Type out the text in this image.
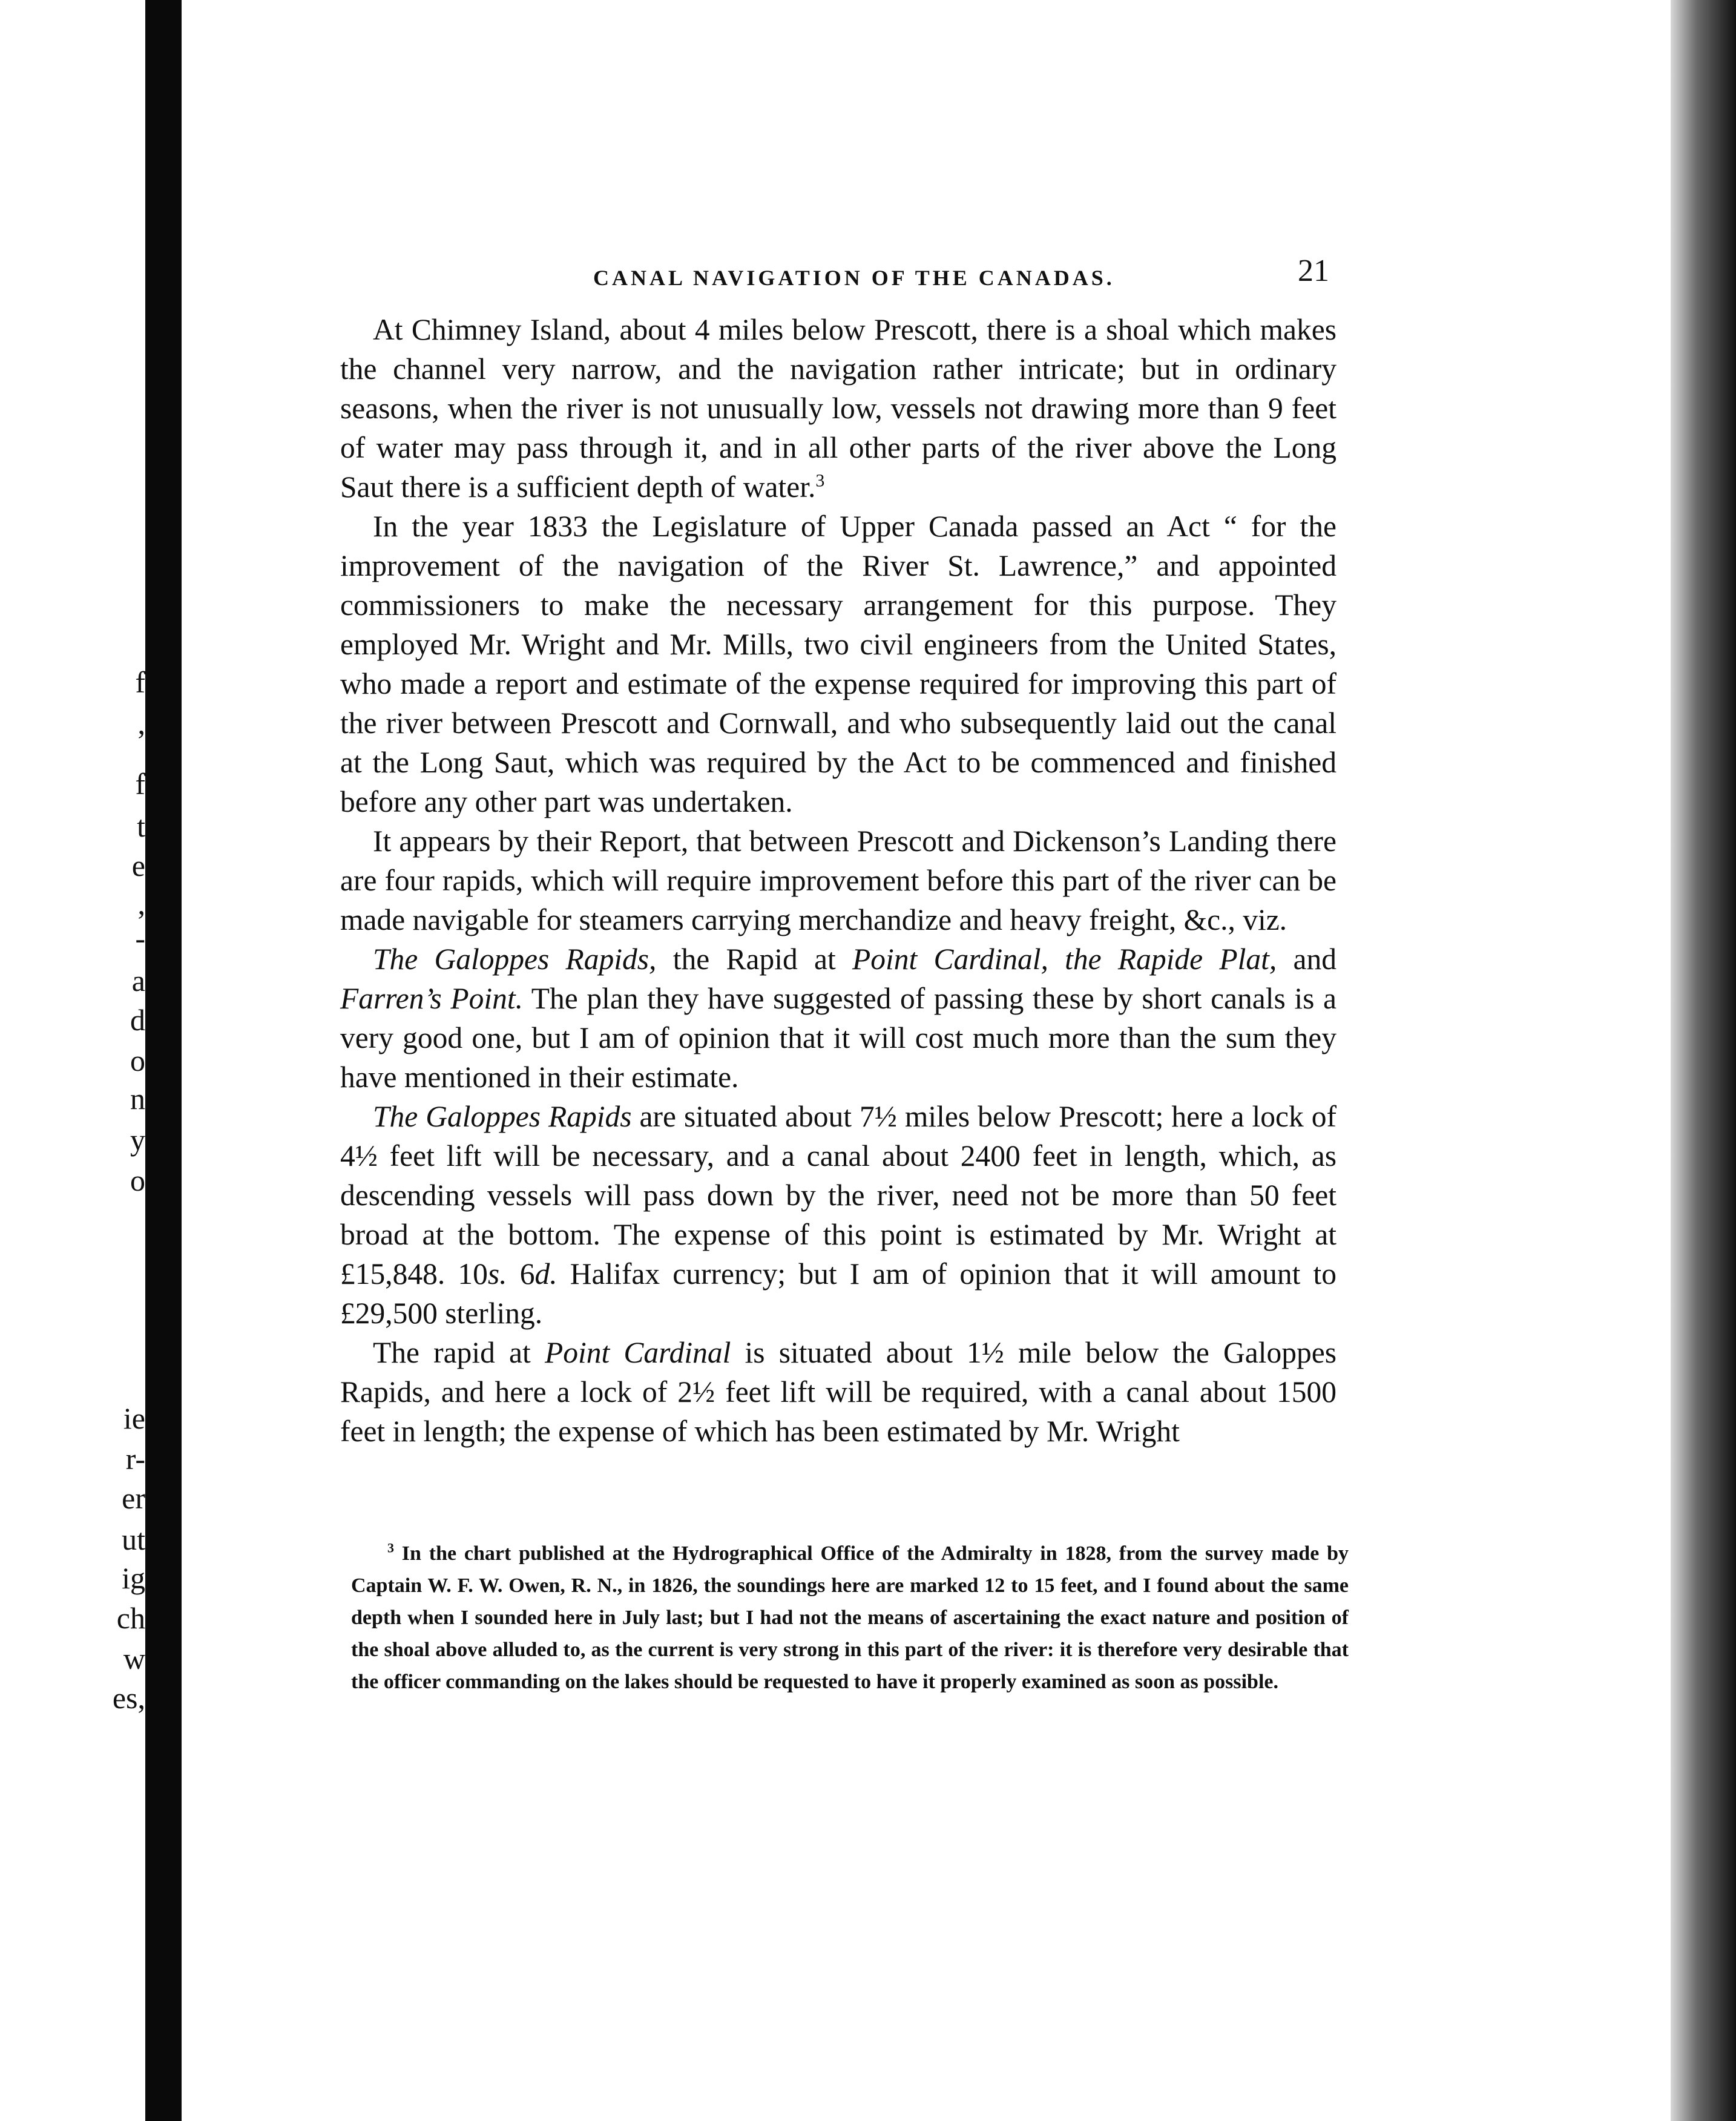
f
,
f
t
e
,
-
a
d
o
n
y
o
ie
r-
er
ut
ig
ch
w
es,
CANAL NAVIGATION OF THE CANADAS.	21

At Chimney Island, about 4 miles below Prescott, there is a shoal which makes the channel very narrow, and the navigation rather intricate; but in ordinary seasons, when the river is not unusually low, vessels not drawing more than 9 feet of water may pass through it, and in all other parts of the river above the Long Saut there is a sufficient depth of water.$^3$

In the year 1833 the Legislature of Upper Canada passed an Act “ for the improvement of the navigation of the River St. Lawrence,” and appointed commissioners to make the necessary arrangement for this purpose. They employed Mr. Wright and Mr. Mills, two civil engineers from the United States, who made a report and estimate of the expense required for improving this part of the river between Prescott and Cornwall, and who subsequently laid out the canal at the Long Saut, which was required by the Act to be commenced and finished before any other part was undertaken.

It appears by their Report, that between Prescott and Dickenson’s Landing there are four rapids, which will require improvement before this part of the river can be made navigable for steamers carrying merchandize and heavy freight, &c., viz.

The Galoppes Rapids, the Rapid at Point Cardinal, the Rapide Plat, and Farren’s Point. The plan they have suggested of passing these by short canals is a very good one, but I am of opinion that it will cost much more than the sum they have mentioned in their estimate.

The Galoppes Rapids are situated about 7½ miles below Prescott; here a lock of 4½ feet lift will be necessary, and a canal about 2400 feet in length, which, as descending vessels will pass down by the river, need not be more than 50 feet broad at the bottom. The expense of this point is estimated by Mr. Wright at £15,848. 10s. 6d. Halifax currency; but I am of opinion that it will amount to £29,500 sterling.

The rapid at Point Cardinal is situated about 1½ mile below the Galoppes Rapids, and here a lock of 2½ feet lift will be required, with a canal about 1500 feet in length; the expense of which has been estimated by Mr. Wright

$^3$ In the chart published at the Hydrographical Office of the Admiralty in 1828, from the survey made by Captain W. F. W. Owen, R. N., in 1826, the soundings here are marked 12 to 15 feet, and I found about the same depth when I sounded here in July last; but I had not the means of ascertaining the exact nature and position of the shoal above alluded to, as the current is very strong in this part of the river: it is therefore very desirable that the officer commanding on the lakes should be requested to have it properly examined as soon as possible.
